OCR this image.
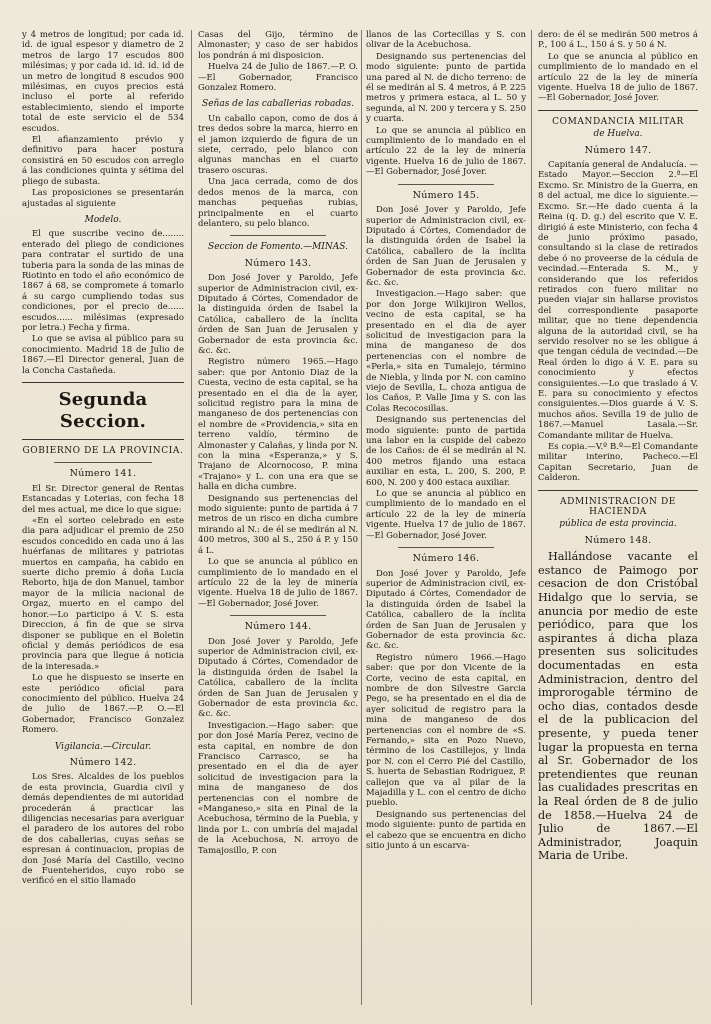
y 4 metros de longitud; por cada id. id. de igual espesor y diametro de 2 metros de largo 17 escudos 800 milésimas; y por cada id. id. id. id de un metro de longitud 8 escudos 900 milésimas, en cuyos precios está incluso el porte al referido establecimiento, siendo el importe total de este servicio el de 534 escudos.

El afianzamiento prévio y definitivo para hacer postura consistirá en 50 escudos con arreglo á las condiciones quinta y sétima del pliego de subasta.

Las proposiciones se presentarán ajustadas al siguiente

Modelo.

El que suscribe vecino de........ enterado del pliego de condiciones para contratar el surtido de una tuberia para la sonda de las minas de Riotinto en todo el año económico de 1867 á 68, se compromete á tomarlo á su cargo cumpliendo todas sus condiciones, por el precio de...... escudos...... milésimas (expresado por letra.) Fecha y firma.

Lo que se avisa al público para su conocimiento. Madrid 18 de Julio de 1867.—El Director general, Juan de la Concha Castañeda.

Segunda Seccion.
GOBIERNO DE LA PROVINCIA.
Número 141.

El Sr. Director general de Rentas Estancadas y Loterias, con fecha 18 del mes actual, me dice lo que sigue:

«En el sorteo celebrado en este dia para adjudicar el premio de 250 escudos concedido en cada uno á las huérfanas de militares y patriotas muertos en campaña, ha cabido en suerte dicho premio á doña Lucia Reborto, hija de don Manuel, tambor mayor de la milicia nacional de Orgaz, muerto en el campo del honor.—Lo participo á V. S. esta Direccion, á fin de que se sirva disponer se publique en el Boletin oficial y demás periódicos de esa provincia para que llegue á noticia de la interesada.»

Lo que he dispuesto se inserte en este periódico oficial para conocimiento del público. Huelva 24 de julio de 1867.—P. O.—El Gobernador, Francisco Gonzalez Romero.

Vigilancia.—Circular.
Número 142.

Los Sres. Alcaldes de los pueblos de esta provincia, Guardia civil y demás dependientes de mi autoridad procederán á practicar las diligencias necesarias para averiguar el paradero de los autores del robo de dos caballerias, cuyas señas se espresan á continuacion, propias de don José María del Castillo, vecino de Fuenteheridos, cuyo robo se verificó en el sitio llamado

Casas del Gijo, término de Almonaster; y caso de ser habidos los pondrán á mi disposicion.

Huelva 24 de Julio de 1867.—P. O.—El Gobernador, Francisco Gonzalez Romero.

Señas de las caballerias robadas.

Un caballo capon, como de dos á tres dedos sobre la marca, hierro en el jamon izquierdo de figura de un siete, cerrado, pelo blanco con algunas manchas en el cuarto trasero oscuras.

Una jaca cerrada, como de dos dedos menos de la marca, con manchas pequeñas rubias, principalmente en el cuarto delantero, su pelo blanco.

Seccion de Fomento.—MINAS.
Número 143.

Don José Jover y Paroldo, Jefe superior de Administracion civil, ex-Diputado á Córtes, Comendador de la distinguida órden de Isabel la Católica, caballero de la ínclita órden de San Juan de Jerusalen y Gobernador de esta provincia &c. &c. &c.

Registro número 1965.—Hago saber: que por Antonio Diaz de la Cuesta, vecino de esta capital, se ha presentado en el dia de la ayer, solicitud registro para la mina de manganeso de dos pertenencias con el nombre de «Providencia,» sita en terreno valdío, término de Almonaster y Calañas, y linda por N. con la mina «Esperanza,» y S. Trajano de Alcornocoso, P. mina «Trajano» y L. con una era que se halla en dicha cumbre.

Designando sus pertenencias del modo siguiente: punto de partida á 7 metros de un risco en dicha cumbre mirando al N.: de él se medirán al N. 400 metros, 300 al S., 250 á P. y 150 á L.

Lo que se anuncia al público en cumplimiento de lo mandado en el artículo 22 de la ley de minería vigente. Huelva 18 de julio de 1867.—El Gobernador, José Jover.

Número 144.

Don José Jover y Paroldo, Jefe superior de Administracion civil, ex-Diputado á Córtes, Comendador de la distinguida órden de Isabel la Católica, caballero de la ínclita órden de San Juan de Jerusalen y Gobernador de esta provincia &c. &c. &c.

Investigacion.—Hago saber: que por don José María Perez, vecino de esta capital, en nombre de don Francisco Carrasco, se ha presentado en el dia de ayer solicitud de investigacion para la mina de manganeso de dos pertenencias con el nombre de «Manganeso,» sita en Pinal de la Acebuchosa, término de la Puebla, y linda por L. con umbría del majadal de la Acebuchosa, N. arroyo de Tamajosillo, P. con

llanos de las Cortecillas y S. con olivar de la Acebuchosa.

Designando sus pertenencias del modo siguiente: punto de partida una pared al N. de dicho terreno: de él se medirán al S. 4 metros, á P. 225 metros y primera estaca, al L. 50 y segunda, al N. 200 y tercera y S. 250 y cuarta.

Lo que se anuncia al público en cumplimiento de lo mandado en el artículo 22 de la ley de minería vigente. Huelva 16 de julio de 1867.—El Gobernador, José Jover.

Número 145.

Don José Jover y Paroldo, Jefe superior de Administracion civil, ex-Diputado á Córtes, Comendador de la distinguida órden de Isabel la Católica, caballero de la ínclita órden de San Juan de Jerusalen y Gobernador de esta provincia &c. &c. &c.

Investigacion.—Hago saber: que por don Jorge Wilkijiron Wellos, vecino de esta capital, se ha presentado en el dia de ayer solicitud de investigacion para la mina de manganeso de dos pertenencias con el nombre de «Perla,» sita en Tumalejo, término de Niebla, y linda por N. con camino viejo de Sevilla, L. choza antigua de los Caños, P. Valle Jima y S. con las Colas Recocosillas.

Designando sus pertenencias del modo siguiente: punto de partida una labor en la cuspide del cabezo de los Caños: de él se medirán al N. 400 metros fijando una estaca auxiliar en esta, L. 200, S. 200, P. 600, N. 200 y 400 estaca auxiliar.

Lo que se anuncia al público en cumplimiento de lo mandado en el artículo 22 de la ley de minería vigente. Huelva 17 de julio de 1867.—El Gobernador, José Jover.

Número 146.

Don José Jover y Paroldo, Jefe superior de Administracion civil, ex-Diputado á Córtes, Comendador de la distinguida órden de Isabel la Católica, caballero de la ínclita órden de San Juan de Jerusalen y Gobernador de esta provincia &c. &c. &c.

Registro número 1966.—Hago saber: que por don Vicente de la Corte, vecino de esta capital, en nombre de don Silvestre Garcia Pego, se ha presentado en el dia de ayer solicitud de registro para la mina de manganeso de dos pertenencias con el nombre de «S. Fernando,» sita en Pozo Nuevo, término de los Castillejos, y linda por N. con el Cerro Pié del Castillo, S. huerta de Sebastian Rodriguez, P. callejon que va al pilar de la Majadilla y L. con el centro de dicho pueblo.

Designando sus pertenencias del modo siguiente: punto de partida en el cabezo que se encuentra en dicho sitio junto á un escarva-

dero: de él se medirán 500 metros á P., 100 á L., 150 á S. y 50 á N.

Lo que se anuncia al público en cumplimiento de lo mandado en el artículo 22 de la ley de minería vigente. Huelva 18 de julio de 1867.—El Gobernador, José Jover.

COMANDANCIA MILITAR
de Huelva.
Número 147.

Capitanía general de Andalucía. —Estado Mayor.—Seccion 2.ª—El Excmo. Sr. Ministro de la Guerra, en 8 del actual, me dice lo siguiente.—Excmo. Sr.—He dado cuenta á la Reina (q. D. g.) del escrito que V. E. dirigió á este Ministerio, con fecha 4 de junio próximo pasado, consultando si la clase de retirados debe ó no proveerse de la cédula de vecindad.—Enterada S. M., y considerando que los referidos retirados con fuero militar no pueden viajar sin hallarse provistos del correspondiente pasaporte militar, que no tiene dependencia alguna de la autoridad civil, se ha servido resolver no se les obligue á que tengan cédula de vecindad.—De Real órden lo digo á V. E. para su conocimiento y efectos consiguientes.—Lo que traslado á V. E. para su conocimiento y efectos consiguientes.—Dios guarde á V. S. muchos años. Sevilla 19 de julio de 1867.—Manuel Lasala.—Sr. Comandante militar de Huelva.

Es copia.—V.º B.º—El Comandante militar interino, Pacheco.—El Capitan Secretario, Juan de Calderon.

ADMINISTRACION DE HACIENDA
pública de esta provincia.
Número 148.

Hallándose vacante el estanco de Paimogo por cesacion de don Cristóbal Hidalgo que lo servia, se anuncia por medio de este periódico, para que los aspirantes á dicha plaza presenten sus solicitudes documentadas en esta Administracion, dentro del improrogable término de ocho dias, contados desde el de la publicacion del presente, y pueda tener lugar la propuesta en terna al Sr. Gobernador de los pretendientes que reunan las cualidades prescritas en la Real órden de 8 de julio de 1858.—Huelva 24 de Julio de 1867.—El Administrador, Joaquin Maria de Uribe.
